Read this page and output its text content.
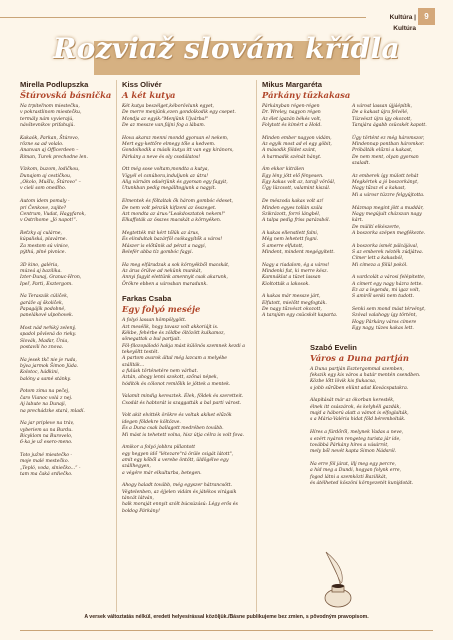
Kultúra | Kultúra
9
Rozviaž slovám křídla
Mirella Podlupszka
Štúrovská básnička
Na trpiteľnom miestečku,
v pokrastlinom miestečku,
termály nám vyvierajú,
návštevníkov priťahujú.
Kakaók, Parkan, Štúrovo,
rôzne sa ad volalo.
Ananvan aj Officerdeen –
Riman, Turek prechodne len.
Vízkom, buzom, lodičkou,
Dunajom aj cestičkou,
„Okolo, Mušľu, Štúrovo“ –
v cieli som onedlho.
Autom idem pomaly -
pri Čenkove, zajíte?
Centrum, Vudat, Hagyfarok,
v Ostrihome „Jó napot!“.
Reťzky aj culárne,
kúpaliská, plavárne.
Za mestom sú vinice,
pýthú, plné pivnice.
3D kino, galéria,
múzeá aj bazilika.
Izter-Dunaj, Granuc-Hron,
Ipeľ, Parti, Esztergom.
Na Teraszák cúliček,
garáže aj školiček,
Papagájík podobné,
panelákové ulpohovek.
Most nád ne%ký zelený,
spadol pôvlená do rieky.
Slovák, Maďar, Únia,
postavili ho znova.
Na jesek tkč nie je ruda,
býva jarmok Šimon Júda.
Kolotoc, hádkini,
balóny a samé stánky.
Potom zima na pečej,
čaro Vianoc volá z nej.
Aj labute na Dunaji,
na prechádzke stará, mladí.
Na jar pripleve na tráv,
vyberiem sa na Burdu.
Bicyklom na Burovelo,
6-ka je už esero-meno.
Toto južné miestečko -
moje malé mestečko.
„Tepló, voda, slniečko...“ -
tam ma čaká srdiečko.
Kiss Olivér
A két kutya
Két kutya beszélget,kéborövlunk egyet,
De merre menjünk,ezen gondolkodik egy csepet.
Mondja az egyik:"Menjünk Ujvárba!"
De az messze van,fájni fog a lábam.
Hova akarsz menni mondd gyorsan el nekem,
Mert egy-kettőre elmegy tőle a kedvem.
Gondolkodik a másik kutya itt van egy kiránors,
Párkány a neve és oly csodálatos!
Ott még sose voltam,mondta a kutya,
Vígyél el csnúbora,induljunk az útra!
Alig várnám odaérjünk és gyorsan egy fagyit,
Utunkban pedig megálltogjunk a nagyit.
Elmentek és föltaltak ők három gombóc édeset,
De nem volt pénzük kifizeni az összeget.
Azt mondta az árus:"Leakdosztatok nekem!"
Elkaffoták az összes macskát a környéken.
Megtették mit kért tőlük az árus,
És elindultak bazárföl csókagyítők a város!
Mászer is előtűnik ad pénzt a nagyi,
Belefér abba tíz gombóc fagyi.
Ha meg elfáradzak a sok környékből macskát,
Az árus örülve ad nekünk munkát,
Annyi fagyit elettünk amennyit csak akarunk,
Örökre ebben a városban maradunk.
Farkas Csaba
Egy folyó meséje
A folyó lassan hömpölygött.
Azt mesélik, hogy tavasz volt akkoriájt is.
Kékbe, fehérbe és zöldbe öltözött kulkamoz, sönegattak a bul partjait.
Föl-filozopálodó hakja mást különös szemnek kezdi a tekeyöltt testét.
A partom avarok által még lazcam a melyébe szállták...
a fulúsk történetére nem várhat.
Aztán, ahogy lenni szokott, szőnai népek,
hódítók és cölonot remlőlik le jöttek a mentek.
Valamit mindig keresztek. Élek, földek és szeretteit.
Csodát és habtorát is szaggatták a bal parti várost.
Volt akit elvitték örökre és voltak akiket elűzök idegen földekre költözve.
És a Duna csak ballagott medrében tovább.
Mi mást is tehetett volna, hisz útja célra is volt fova.
Amikor a folyó jobbra pillantott
egy hegyen idő "létezare"rá örüle csigát látott",
amit egy kőből a verebe öntött, üldögélve egy szállhegyen,
a végére már elkulturba, betegen.
Ahogy haladt tovább, még egyszer hátrancsött.
Végtelenben, az éjjelen vidám és játékos virágaik táncát látván,
halk moraját ennyit szólt búcsúzású: Légy erős és boldog Párkány!
Mikus Margaréta
Párkány tűzkakasa
Párkányban régen-régen
Dr. Wreley, nagyon régen
Az élet igazán békés volt,
Folytott és kímért a Hold.
Minden ember nagyon vidám,
Az egyik most ad el egy göbit,
A második földet szánt,
A harmadik szénát hányt.
Ám ekkor kitrálen
Egy lény jött elő fényesen.
Egy kakas volt az, tarajl vöröál,
Úgy lüzcsott, valamint kiszál.
De mészoda kakas volt az!
Minden egyes tollán szála
Szikrázott, forró lángbél,
A talpa pedig friss parázsból.
A kakas ellenstlett falni,
Még nem lehetett fogni.
S amerre elfutott,
Mindent, mindent megégyített.
Nagy a riadalom, ég a város!
Mindenki fut, ki merre kész.
Kamnáklat a tüzet lassan
Kioltották a lakosok.
A kakas már messze járt,
Elfutott, mielőtt megfogták.
De nagy tűzvészt okozott,
A tarajúm egy csücskét kaparta.
A várost lassan újjáépítik,
De a kakast újra felvélé,
Túzvészt újra így okozott,
Tarajára ágabb csücskét kapott.
Úgy történt ez még háromszor,
Mindennap pontban háromkor.
Próbálták elűzni a kakast,
De nem ment, olyan gyorsan szaladt.
Az emberek így múlott tehát
Megkértek a jó boszorkányt,
Nagy tűzsz el a kakast,
Mi a városr tüzzre felgyújtotta.
Mázmap megint jött a muddár,
Nagy megújult cházszan nagy kárt.
De múlítí elkészerte,
A boszorka szépen megfékezte.
A boszorka ismét pálcájával,
S az emberek nézték zúdjátva.
Címer lett a kakasból,
Mi címeza a fölül pokól.
A vardcolát a városi felépitette,
A címert egy nagy házra tette.
Ez az a legenda, mi igaz volt,
S amiről senki nem tudott.
Senki sem mond mást térvényt,
Szóval valahogy így történt,
Hogy Párkány város címere
Egy nagy, tüzes kakas lett.
Szabó Evelin
Város a Duna partján
A Duna partján Esztergommal szemben,
fekszik egy kis város a határ mentén csendben.
Közbe lőtt lövik kis fiukacsa,
s jobb sűrűben eliünt adat Kovácspatakra.
Alapítását már az ókorban keresték,
élnek itt császárok, és kelyhéli gazdák,
majd a háború alatt a vámot is elfoglalták,
s a Mária-Valéria hidat föld bérembolták.
Híres a fürdőről, melynek Vadas a neve,
s ezért nyáron rengeteg turista jár ide,
továbbá Párkány híres a vásárrót,
mely ből nevét kapta Simon Nádsról.
Na erre föl járat, illj meg egy percre,
a híd meg a Dundi, hogyan folynk erre,
fogod látni a szemközti Bazilikát,
és átélheted köszöni környezetét kunijdotát.
A versek változtatás nélkül, eredeti helyesírással közöljük./Básne publikujeme bez zmien, s pôvodným pravopisom.
